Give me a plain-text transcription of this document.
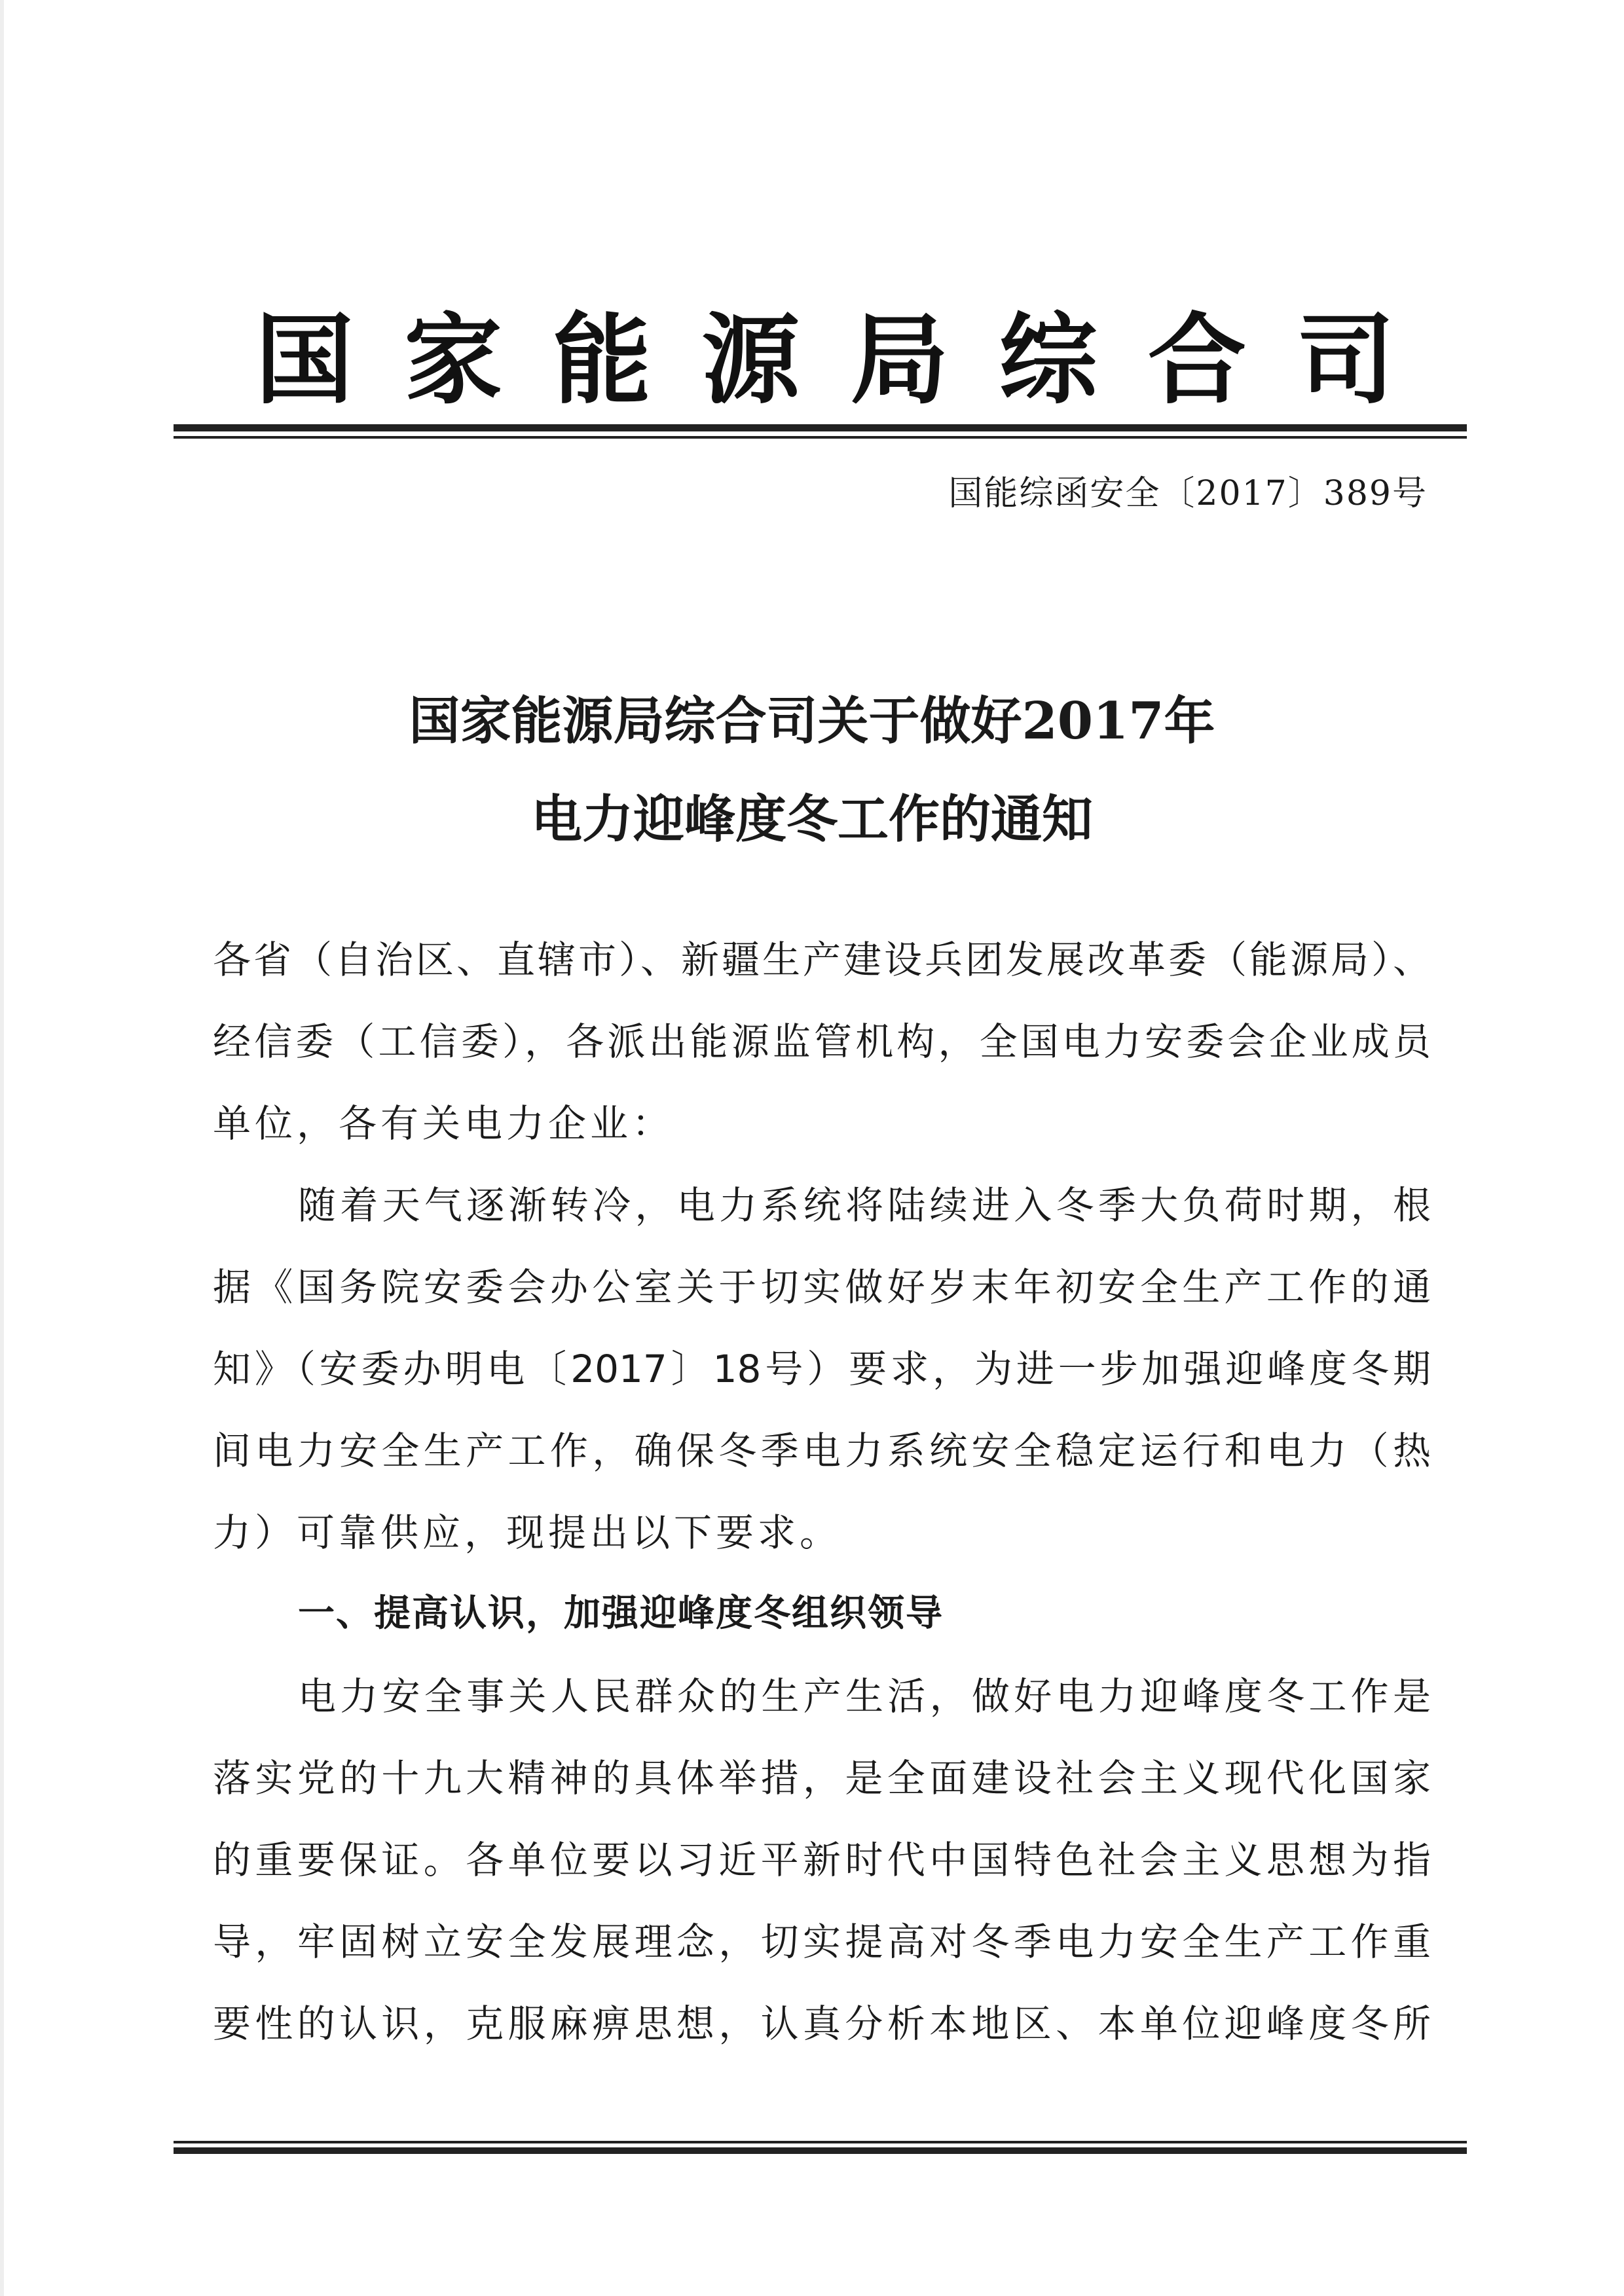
国 家 能 源 局 综 合 司
国能综函安全〔2017〕389号
国家能源局综合司关于做好2017年
电力迎峰度冬工作的通知
各省（自治区、直辖市）、新疆生产建设兵团发展改革委（能源局）、
经信委（工信委），各派出能源监管机构，全国电力安委会企业成员
单位，各有关电力企业：
随着天气逐渐转冷，电力系统将陆续进入冬季大负荷时期，根
据《国务院安委会办公室关于切实做好岁末年初安全生产工作的通
知》（安委办明电〔2017〕18号）要求，为进一步加强迎峰度冬期
间电力安全生产工作，确保冬季电力系统安全稳定运行和电力（热
力）可靠供应，现提出以下要求。
一、提高认识，加强迎峰度冬组织领导
电力安全事关人民群众的生产生活，做好电力迎峰度冬工作是
落实党的十九大精神的具体举措，是全面建设社会主义现代化国家
的重要保证。各单位要以习近平新时代中国特色社会主义思想为指
导，牢固树立安全发展理念，切实提高对冬季电力安全生产工作重
要性的认识，克服麻痹思想，认真分析本地区、本单位迎峰度冬所
